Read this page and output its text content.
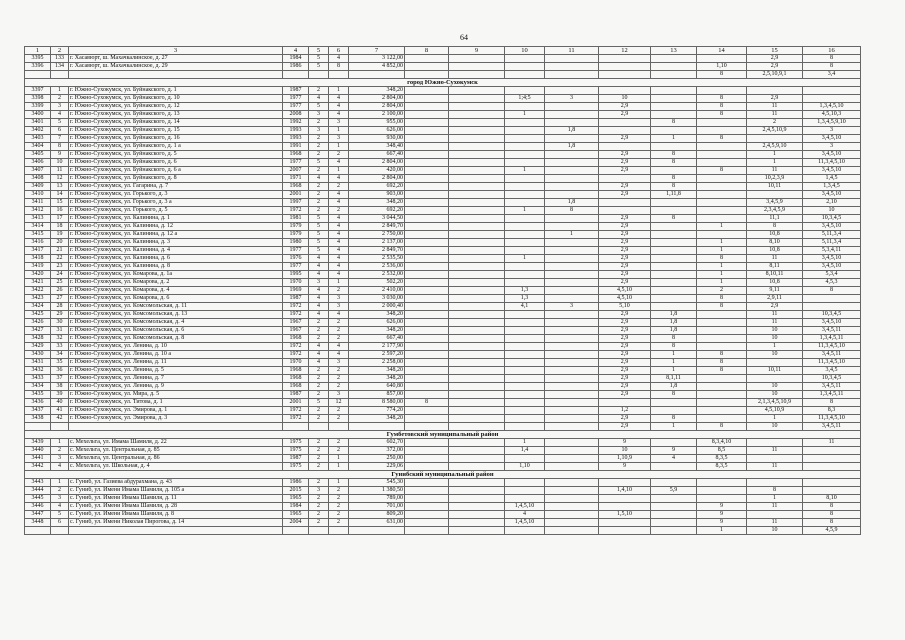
64
1	2	3	4	5	6	7	8	9	10	11	12	13	14	15	16
3395	133	г. Хасавюрт, ш. Махачкалинское, д. 27	1984	5	4	3 122,00								2,9	8
3396	134	г. Хасавюрт, ш. Махачкалинское, д. 29	1986	5	8	4 852,00							1,10	2,9	8
													8	2,5,10,9,1	3,4
город Южно-Сухокумск															
3397	1	г. Южно-Сухокумск, ул. Буйнакского, д. 1	1987	2	1	348,20									
3398	2	г. Южно-Сухокумск, ул. Буйнакского, д. 10	1977	4	4	2 804,00			1;4;5	3	10		8	2,9	
3399	3	г. Южно-Сухокумск, ул. Буйнакского, д. 12	1977	5	4	2 804,00					2,9		8	11	1,3,4,5,10
3400	4	г. Южно-Сухокумск, ул. Буйнакского, д. 13	2008	3	4	2 100,00			1		2,9		8	11	4,5,10,3
3401	5	г. Южно-Сухокумск, ул. Буйнакского, д. 14	1992	2	3	955,00						8		2	1,3,4,5,9,10
3402	6	г. Южно-Сухокумск, ул. Буйнакского, д. 15	1993	3	1	626,00				1,8				2,4,5,10,9	3
3403	7	г. Южно-Сухокумск, ул. Буйнакского, д. 16	1993	2	3	930,00					2,9	1	8		3,4,5,10
3404	8	г. Южно-Сухокумск, ул. Буйнакского, д. 1 а	1991	2	1	348,40				1,8				2,4,5,9,10	3
3405	9	г. Южно-Сухокумск, ул. Буйнакского, д. 5	1968	2	2	667,40					2,9	8		1	3,4,5,10
3406	10	г. Южно-Сухокумск, ул. Буйнакского, д. 6	1977	5	4	2 804,00					2,9	8		1	11,3,4,5,10
3407	11	г. Южно-Сухокумск, ул. Буйнакского, д. 6 а	2007	2	1	420,00			1		2,9		8	11	3,4,5,10
3408	12	г. Южно-Сухокумск, ул. Буйнакского, д. 8	1971	4	4	2 804,00						8		10,2,3,9	1,4,5
3409	13	г. Южно-Сухокумск, ул. Гагарина, д. 7	1968	2	2	692,20					2,9	8		10,11	1,3,4,5
3410	14	г. Южно-Сухокумск, ул. Горького, д. 3	2001	2	4	903,00					2,9	1,11,8			3,4,5,10
3411	15	г. Южно-Сухокумск, ул. Горького, д. 3 а	1997	2	4	348,20				1,8				3,4,5,9	2,10
3412	16	г. Южно-Сухокумск, ул. Горького, д. 5	1972	2	2	692,20			1	8				2,3,4,5,9	10
3413	17	г. Южно-Сухокумск, ул. Калинина, д. 1	1981	5	4	3 044,50					2,9	8		11,1	10,3,4,5
3414	18	г. Южно-Сухокумск, ул. Калинина, д. 12	1979	5	4	2 849,70					2,9		1	8	3,4,5,10
3415	19	г. Южно-Сухокумск, ул. Калинина, д. 12 а	1979	5	4	2 750,00				1	2,9			10,8	5,11,3,4
3416	20	г. Южно-Сухокумск, ул. Калинина, д. 3	1980	5	4	2 137,00					2,9		1	8,10	5,11,3,4
3417	21	г. Южно-Сухокумск, ул. Калинина, д. 4	1977	5	4	2 849,70					2,9		1	10,8	5,3,4,11
3418	22	г. Южно-Сухокумск, ул. Калинина, д. 6	1976	4	4	2 535,50			1		2,9		8	11	3,4,5,10
3419	23	г. Южно-Сухокумск, ул. Калинина, д. 8	1977	4	4	2 536,00					2,9		1	8,11	3,4,5,10
3420	24	г. Южно-Сухокумск, ул. Комарова, д. 1а	1995	4	4	2 532,00					2,9		1	8,10,11	5,3,4
3421	25	г. Южно-Сухокумск, ул. Комарова, д. 2	1970	3	1	502,20					2,9		1	10,8	4,5,3
3422	26	г. Южно-Сухокумск, ул. Комарова, д. 4	1969	4	2	2 410,00			1,3		4,5,10		2	9,11	8
3423	27	г. Южно-Сухокумск, ул. Комарова, д. 6	1987	4	3	3 030,00			1,3		4,5,10		8	2,9,11	
3424	28	г. Южно-Сухокумск, ул. Комсомольская, д. 11	1972	4	3	2 000,40			4,1	3	5,10		8	2,9	
3425	29	г. Южно-Сухокумск, ул. Комсомольская, д. 13	1972	4	4	348,20					2,9	1,8		11	10,3,4,5
3426	30	г. Южно-Сухокумск, ул. Комсомольская, д. 4	1967	2	2	626,00					2,9	1,8		11	3,4,5,10
3427	31	г. Южно-Сухокумск, ул. Комсомольская, д. 6	1967	2	2	348,20					2,9	1,8		10	3,4,5,11
3428	32	г. Южно-Сухокумск, ул. Комсомольская, д. 8	1968	2	2	667,40					2,9	8		10	1,3,4,5,11
3429	33	г. Южно-Сухокумск, ул. Ленина, д. 10	1972	4	4	2 177,90					2,9	8		1	11,3,4,5,10
3430	34	г. Южно-Сухокумск, ул. Ленина, д. 10 а	1972	4	4	2 597,20					2,9	1	8	10	3,4,5,11
3431	35	г. Южно-Сухокумск, ул. Ленина, д. 11	1970	4	3	2 258,00					2,9	1	8		11,3,4,5,10
3432	36	г. Южно-Сухокумск, ул. Ленина, д. 5	1968	2	2	348,20					2,9	1	8	10,11	3,4,5
3433	37	г. Южно-Сухокумск, ул. Ленина, д. 7	1968	2	2	348,20					2,9	8,1,11			10,3,4,5
3434	38	г. Южно-Сухокумск, ул. Ленина, д. 9	1968	2	2	640,80					2,9	1,8		10	3,4,5,11
3435	39	г. Южно-Сухокумск, ул. Мира, д. 5	1987	2	3	857,00					2,9	8		10	1,3,4,5,11
3436	40	г. Южно-Сухокумск, ул. Титова, д. 1	2001	5	12	8 580,00	8							2,1,3,4,5,10,9	8
3437	41	г. Южно-Сухокумск, ул. Эмирова, д. 1	1972	2	2	774,20					1,2			4,5,10,9	8,3
3438	42	г. Южно-Сухокумск, ул. Эмирова, д. 3	1972	2	2	348,20					2,9	8		1	11,3,4,5,10
											2,9	1	8	10	3,4,5,11
Гумбетовский муниципальный район															
3439	1	с. Мехельта, ул. Имама Шамиля, д. 22	1975	2	2	602,70			1		9		8,3,4,10		11
3440	2	с. Мехельта, ул. Центральная, д. 85	1975	2	2	372,00			1,4		10	9	8,5	11	
3441	3	с. Мехельта, ул. Центральная, д. 86	1987	2	1	250,00					1,10,9	4	8,3,5		
3442	4	с. Мехельта, ул. Школьная, д. 4	1975	2	1	229,06			1,10		9		8,3,5	11	
Гунибский муниципальный район															
3443	1	с. Гуниб, ул. Газиева абдурахмана, д. 43	1986	2	1	545,30									
3444	2	с. Гуниб, ул. Имени Имама Шамиля, д. 105 а	2015	3	2	1 380,50					1,4,10	5,9		8	
3445	3	с. Гуниб, ул. Имени Имама Шамиля, д. 11	1965	2	2	789,00								1	8,10
3446	4	с. Гуниб, ул. Имени Имама Шамиля, д. 28	1984	2	2	701,00			1,4,5,10				9	11	8
3447	5	с. Гуниб, ул. Имени Имама Шамиля, д. 8	1965	2	2	809,20			4		1,5,10		9		8
3448	6	с. Гуниб, ул. Имени Николая Пирогова, д. 14	2004	2	2	631,00			1,4,5,10				9	11	8
													1	10	4,5,9
